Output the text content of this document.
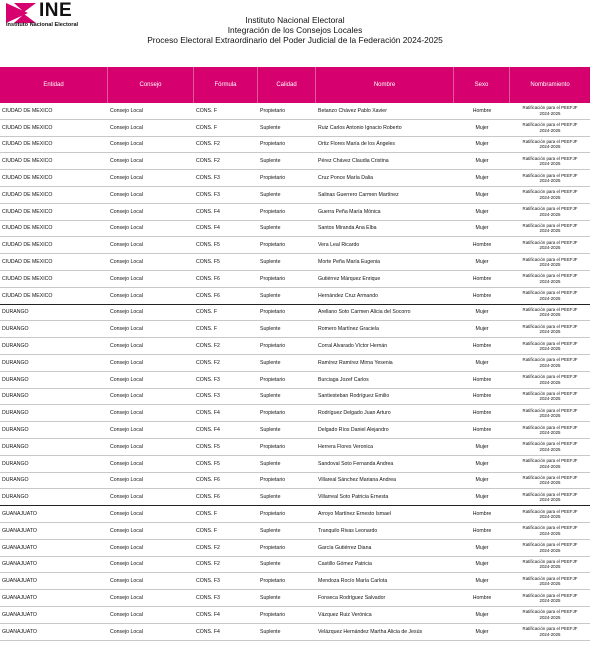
INE
Instituto Nacional Electoral	Instituto Nacional Electoral
Integración de los Consejos Locales
Proceso Electoral Extraordinario del Poder Judicial de la Federación 2024-2025
Entidad	Consejo	Fórmula	Calidad	Nombre	Sexo	Nombramiento
CIUDAD DE MEXICO	Consejo Local	CONS. F	Propietario	Betanzo Chávez Pablo Xavier	Hombre	Ratificación para el PEEFJF
2024-2025
CIUDAD DE MEXICO	Consejo Local	CONS. F	Suplente	Ruiz Carlos Antonio Ignacio Roberto	Mujer	Ratificación para el PEEFJF
2024-2025
CIUDAD DE MEXICO	Consejo Local	CONS. F2	Propietario	Ortiz Flores María de los Ángeles	Mujer	Ratificación para el PEEFJF
2024-2025
CIUDAD DE MEXICO	Consejo Local	CONS. F2	Suplente	Pérez Chávez Claudia Cristina	Mujer	Ratificación para el PEEFJF
2024-2025
CIUDAD DE MEXICO	Consejo Local	CONS. F3	Propietario	Cruz Ponce María Dalia	Mujer	Ratificación para el PEEFJF
2024-2025
CIUDAD DE MEXICO	Consejo Local	CONS. F3	Suplente	Salinas Guerrero Carmen Martínez	Mujer	Ratificación para el PEEFJF
2024-2025
CIUDAD DE MEXICO	Consejo Local	CONS. F4	Propietario	Guerra Peña María Mónica	Mujer	Ratificación para el PEEFJF
2024-2025
CIUDAD DE MEXICO	Consejo Local	CONS. F4	Suplente	Santos Miranda Ana Elba	Mujer	Ratificación para el PEEFJF
2024-2025
CIUDAD DE MEXICO	Consejo Local	CONS. F5	Propietario	Vera Leal Ricardo	Hombre	Ratificación para el PEEFJF
2024-2025
CIUDAD DE MEXICO	Consejo Local	CONS. F5	Suplente	Morte Peña María Eugenia	Mujer	Ratificación para el PEEFJF
2024-2025
CIUDAD DE MEXICO	Consejo Local	CONS. F6	Propietario	Gutiérrez Márquez Enrique	Hombre	Ratificación para el PEEFJF
2024-2025
CIUDAD DE MEXICO	Consejo Local	CONS. F6	Suplente	Hernández Cruz Armando	Hombre	Ratificación para el PEEFJF
2024-2025
DURANGO	Consejo Local	CONS. F	Propietario	Arellano Soto Carmen Alicia del Socorro	Mujer	Ratificación para el PEEFJF
2024-2025
DURANGO	Consejo Local	CONS. F	Suplente	Romero Martínez Graciela	Mujer	Ratificación para el PEEFJF
2024-2025
DURANGO	Consejo Local	CONS. F2	Propietario	Corral Alvarado Víctor Hernán	Hombre	Ratificación para el PEEFJF
2024-2025
DURANGO	Consejo Local	CONS. F2	Suplente	Ramírez Ramírez Mirna Yesenia	Mujer	Ratificación para el PEEFJF
2024-2025
DURANGO	Consejo Local	CONS. F3	Propietario	Burciaga Jozef Carlos	Hombre	Ratificación para el PEEFJF
2024-2025
DURANGO	Consejo Local	CONS. F3	Suplente	Santiesteban Rodríguez Emilio	Hombre	Ratificación para el PEEFJF
2024-2025
DURANGO	Consejo Local	CONS. F4	Propietario	Rodríguez Delgado Juan Arturo	Hombre	Ratificación para el PEEFJF
2024-2025
DURANGO	Consejo Local	CONS. F4	Suplente	Delgado Ríos Daniel Alejandro	Hombre	Ratificación para el PEEFJF
2024-2025
DURANGO	Consejo Local	CONS. F5	Propietario	Herrera Flores Veronica	Mujer	Ratificación para el PEEFJF
2024-2025
DURANGO	Consejo Local	CONS. F5	Suplente	Sandoval Soto Fernanda Andrea	Mujer	Ratificación para el PEEFJF
2024-2025
DURANGO	Consejo Local	CONS. F6	Propietario	Villareal Sánchez Mariana Andrea	Mujer	Ratificación para el PEEFJF
2024-2025
DURANGO	Consejo Local	CONS. F6	Suplente	Villarreal Soto Patricia Ernesta	Mujer	Ratificación para el PEEFJF
2024-2025
GUANAJUATO	Consejo Local	CONS. F	Propietario	Arroyo Martínez Ernesto Ismael	Hombre	Ratificación para el PEEFJF
2024-2025
GUANAJUATO	Consejo Local	CONS. F	Suplente	Tranquilo Rivas Leonardo	Hombre	Ratificación para el PEEFJF
2024-2025
GUANAJUATO	Consejo Local	CONS. F2	Propietario	García Gutiérrez Diana	Mujer	Ratificación para el PEEFJF
2024-2025
GUANAJUATO	Consejo Local	CONS. F2	Suplente	Castillo Gómez Patricia	Mujer	Ratificación para el PEEFJF
2024-2025
GUANAJUATO	Consejo Local	CONS. F3	Propietario	Mendoza Rocío María Carlota	Mujer	Ratificación para el PEEFJF
2024-2025
GUANAJUATO	Consejo Local	CONS. F3	Suplente	Fonseca Rodríguez Salvador	Hombre	Ratificación para el PEEFJF
2024-2025
GUANAJUATO	Consejo Local	CONS. F4	Propietario	Vázquez Ruiz Verónica	Mujer	Ratificación para el PEEFJF
2024-2025
GUANAJUATO	Consejo Local	CONS. F4	Suplente	Velázquez Hernández Martha Alicia de Jesús	Mujer	Ratificación para el PEEFJF
2024-2025
